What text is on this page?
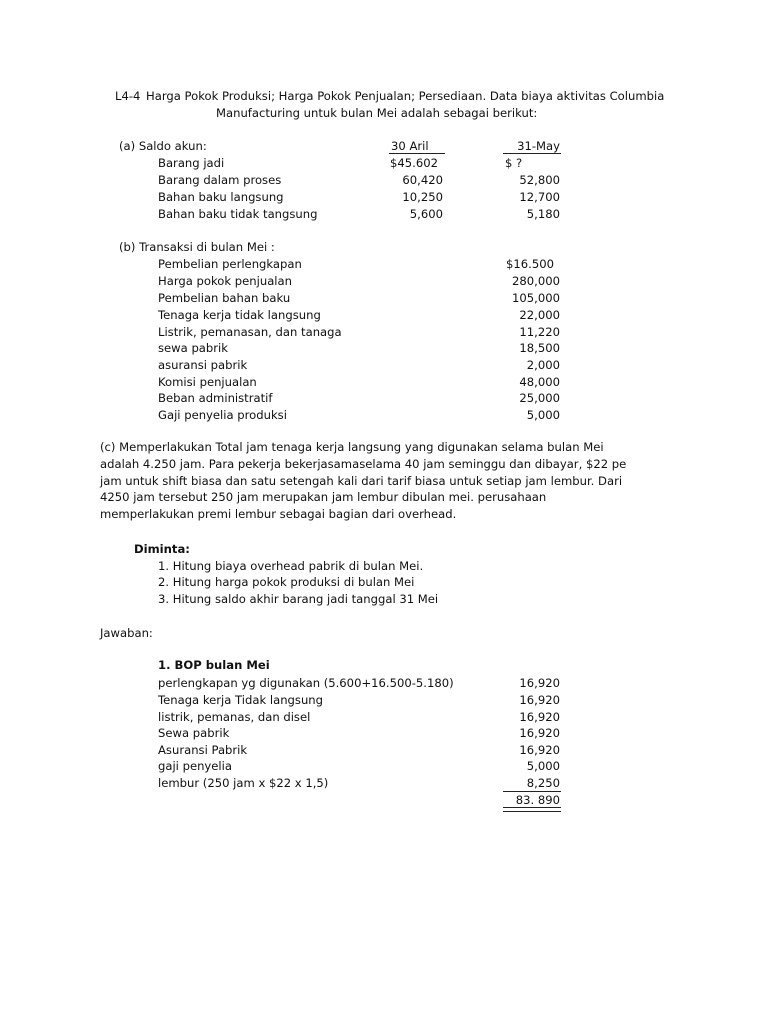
L4-4 Harga Pokok Produksi; Harga Pokok Penjualan; Persediaan. Data biaya aktivitas Columbia
Manufacturing untuk bulan Mei adalah sebagai berikut:
(a) Saldo akun:	30 Aril	31-May
Barang jadi	$45.602	$ ?
Barang dalam proses	60,420	52,800
Bahan baku langsung	10,250	12,700
Bahan baku tidak tangsung	5,600	5,180
(b) Transaksi di bulan Mei :
Pembelian perlengkapan	$16.500
Harga pokok penjualan	280,000
Pembelian bahan baku	105,000
Tenaga kerja tidak langsung	22,000
Listrik, pemanasan, dan tanaga	11,220
sewa pabrik	18,500
asuransi pabrik	2,000
Komisi penjualan	48,000
Beban administratif	25,000
Gaji penyelia produksi	5,000
(c) Memperlakukan Total jam tenaga kerja langsung yang digunakan selama bulan Mei adalah 4.250 jam. Para pekerja bekerjasamaselama 40 jam seminggu dan dibayar, $22 pe jam untuk shift biasa dan satu setengah kali dari tarif biasa untuk setiap jam lembur. Dari 4250 jam tersebut 250 jam merupakan jam lembur dibulan mei. perusahaan memperlakukan premi lembur sebagai bagian dari overhead.
Diminta:
1. Hitung biaya overhead pabrik di bulan Mei.
2. Hitung harga pokok produksi di bulan Mei
3. Hitung saldo akhir barang jadi tanggal 31 Mei
Jawaban:
1. BOP bulan Mei
perlengkapan yg digunakan (5.600+16.500-5.180)	16,920
Tenaga kerja Tidak langsung	16,920
listrik, pemanas, dan disel	16,920
Sewa pabrik	16,920
Asuransi Pabrik	16,920
gaji penyelia	5,000
lembur (250 jam x $22 x 1,5)	8,250
83. 890
